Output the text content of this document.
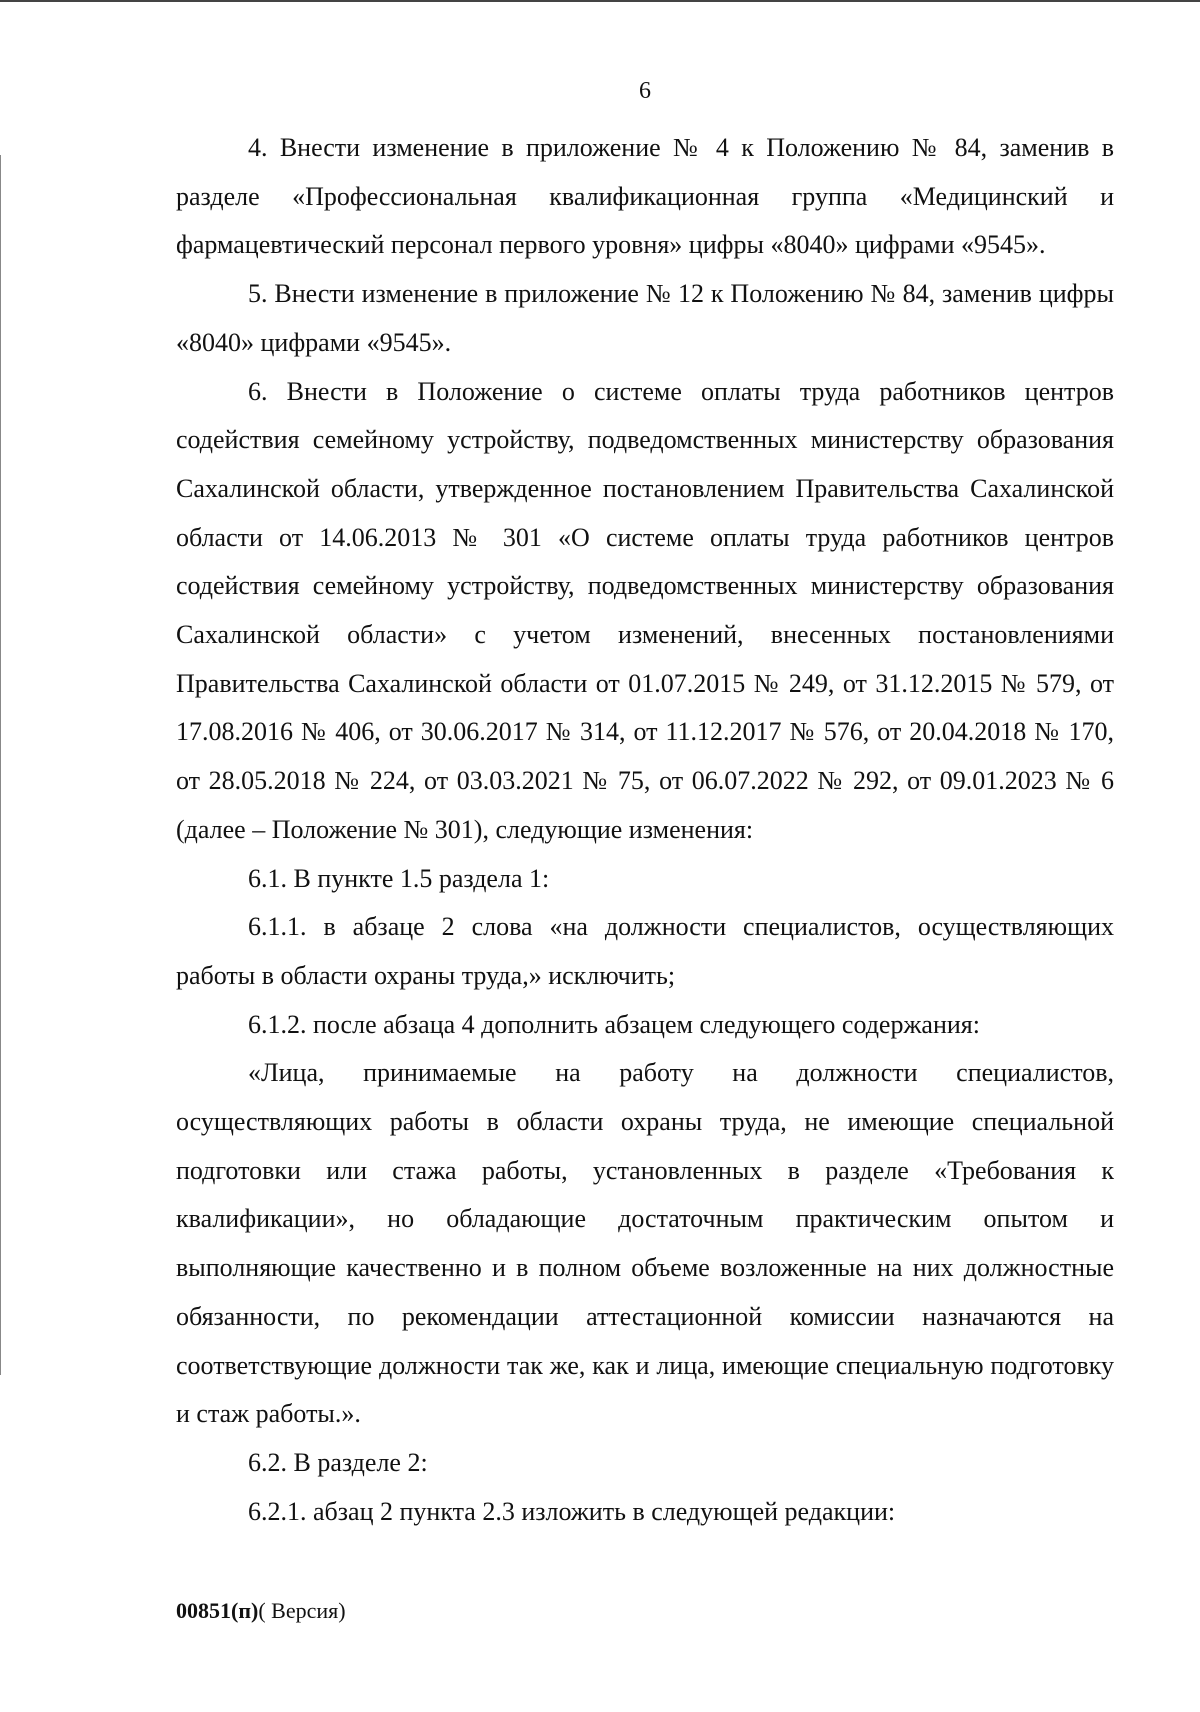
6

4. Внести изменение в приложение № 4 к Положению № 84, заменив в разделе «Профессиональная квалификационная группа «Медицинский и фармацевтический персонал первого уровня» цифры «8040» цифрами «9545».

5. Внести изменение в приложение № 12 к Положению № 84, заменив цифры «8040» цифрами «9545».

6. Внести в Положение о системе оплаты труда работников центров содействия семейному устройству, подведомственных министерству образования Сахалинской области, утвержденное постановлением Правительства Сахалинской области от 14.06.2013 № 301 «О системе оплаты труда работников центров содействия семейному устройству, подведомственных министерству образования Сахалинской области» с учетом изменений, внесенных постановлениями Правительства Сахалинской области от 01.07.2015 № 249, от 31.12.2015 № 579, от 17.08.2016 № 406, от 30.06.2017 № 314, от 11.12.2017 № 576, от 20.04.2018 № 170, от 28.05.2018 № 224, от 03.03.2021 № 75, от 06.07.2022 № 292, от 09.01.2023 № 6 (далее – Положение № 301), следующие изменения:

6.1. В пункте 1.5 раздела 1:

6.1.1. в абзаце 2 слова «на должности специалистов, осуществляющих работы в области охраны труда,» исключить;

6.1.2. после абзаца 4 дополнить абзацем следующего содержания:

«Лица, принимаемые на работу на должности специалистов, осуществляющих работы в области охраны труда, не имеющие специальной подготовки или стажа работы, установленных в разделе «Требования к квалификации», но обладающие достаточным практическим опытом и выполняющие качественно и в полном объеме возложенные на них должностные обязанности, по рекомендации аттестационной комиссии назначаются на соответствующие должности так же, как и лица, имеющие специальную подготовку и стаж работы.».

6.2. В разделе 2:

6.2.1. абзац 2 пункта 2.3 изложить в следующей редакции:

00851(п)( Версия)
